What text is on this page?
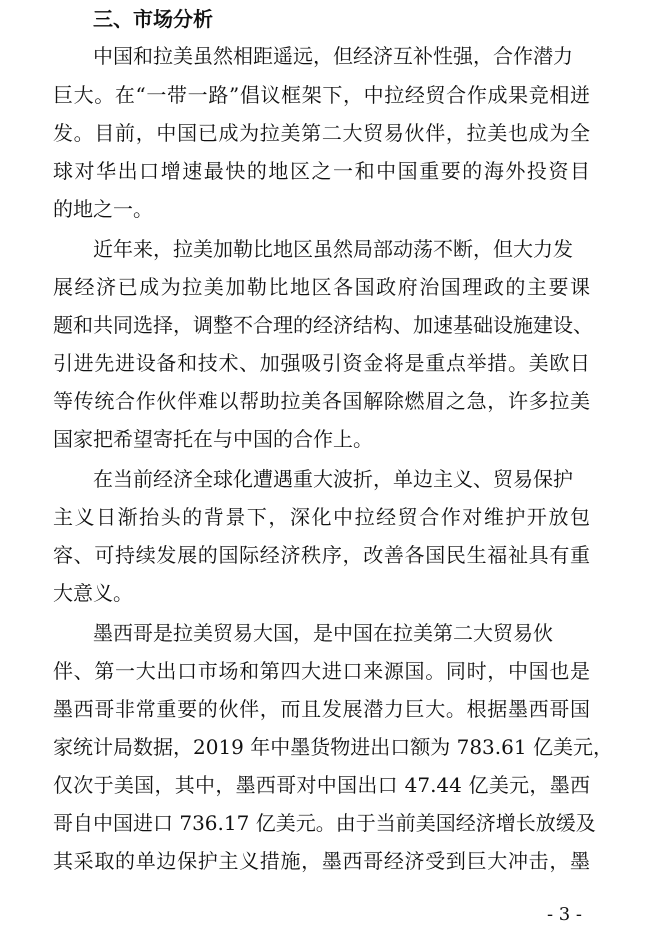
三、市场分析
中国和拉美虽然相距遥远，但经济互补性强，合作潜力
巨大。在“一带一路”倡议框架下，中拉经贸合作成果竞相迸
发。目前，中国已成为拉美第二大贸易伙伴，拉美也成为全
球对华出口增速最快的地区之一和中国重要的海外投资目
的地之一。
近年来，拉美加勒比地区虽然局部动荡不断，但大力发
展经济已成为拉美加勒比地区各国政府治国理政的主要课
题和共同选择，调整不合理的经济结构、加速基础设施建设、
引进先进设备和技术、加强吸引资金将是重点举措。美欧日
等传统合作伙伴难以帮助拉美各国解除燃眉之急，许多拉美
国家把希望寄托在与中国的合作上。
在当前经济全球化遭遇重大波折，单边主义、贸易保护
主义日渐抬头的背景下，深化中拉经贸合作对维护开放包
容、可持续发展的国际经济秩序，改善各国民生福祉具有重
大意义。
墨西哥是拉美贸易大国，是中国在拉美第二大贸易伙
伴、第一大出口市场和第四大进口来源国。同时，中国也是
墨西哥非常重要的伙伴，而且发展潜力巨大。根据墨西哥国
家统计局数据，2019 年中墨货物进出口额为 783.61 亿美元，
仅次于美国，其中，墨西哥对中国出口 47.44 亿美元，墨西
哥自中国进口 736.17 亿美元。由于当前美国经济增长放缓及
其采取的单边保护主义措施，墨西哥经济受到巨大冲击，墨
- 3 -
